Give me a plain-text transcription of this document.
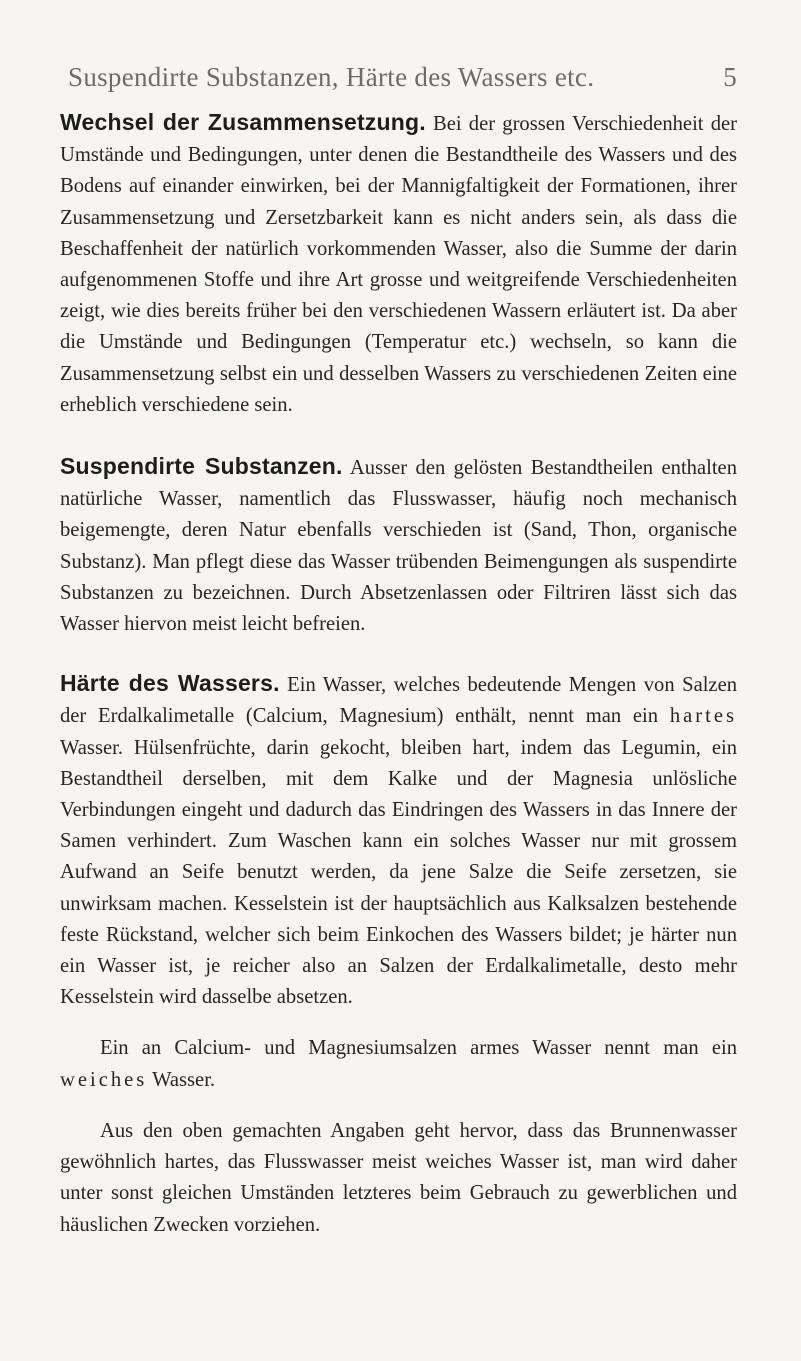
Suspendirte Substanzen, Härte des Wassers etc.	5

Wechsel der Zusammensetzung. Bei der grossen Verschiedenheit der Umstände und Bedingungen, unter denen die Bestandtheile des Wassers und des Bodens auf einander einwirken, bei der Mannigfaltigkeit der Formationen, ihrer Zusammensetzung und Zersetzbarkeit kann es nicht anders sein, als dass die Beschaffenheit der natürlich vorkommenden Wasser, also die Summe der darin aufgenommenen Stoffe und ihre Art grosse und weitgreifende Verschiedenheiten zeigt, wie dies bereits früher bei den verschiedenen Wassern erläutert ist. Da aber die Umstände und Bedingungen (Temperatur etc.) wechseln, so kann die Zusammensetzung selbst ein und desselben Wassers zu verschiedenen Zeiten eine erheblich verschiedene sein.

Suspendirte Substanzen. Ausser den gelösten Bestandtheilen enthalten natürliche Wasser, namentlich das Flusswasser, häufig noch mechanisch beigemengte, deren Natur ebenfalls verschieden ist (Sand, Thon, organische Substanz). Man pflegt diese das Wasser trübenden Beimengungen als suspendirte Substanzen zu bezeichnen. Durch Absetzenlassen oder Filtriren lässt sich das Wasser hiervon meist leicht befreien.

Härte des Wassers. Ein Wasser, welches bedeutende Mengen von Salzen der Erdalkalimetalle (Calcium, Magnesium) enthält, nennt man ein hartes Wasser. Hülsenfrüchte, darin gekocht, bleiben hart, indem das Legumin, ein Bestandtheil derselben, mit dem Kalke und der Magnesia unlösliche Verbindungen eingeht und dadurch das Eindringen des Wassers in das Innere der Samen verhindert. Zum Waschen kann ein solches Wasser nur mit grossem Aufwand an Seife benutzt werden, da jene Salze die Seife zersetzen, sie unwirksam machen. Kesselstein ist der hauptsächlich aus Kalksalzen bestehende feste Rückstand, welcher sich beim Einkochen des Wassers bildet; je härter nun ein Wasser ist, je reicher also an Salzen der Erdalkalimetalle, desto mehr Kesselstein wird dasselbe absetzen.

Ein an Calcium- und Magnesiumsalzen armes Wasser nennt man ein weiches Wasser.

Aus den oben gemachten Angaben geht hervor, dass das Brunnenwasser gewöhnlich hartes, das Flusswasser meist weiches Wasser ist, man wird daher unter sonst gleichen Umständen letzteres beim Gebrauch zu gewerblichen und häuslichen Zwecken vorziehen.
